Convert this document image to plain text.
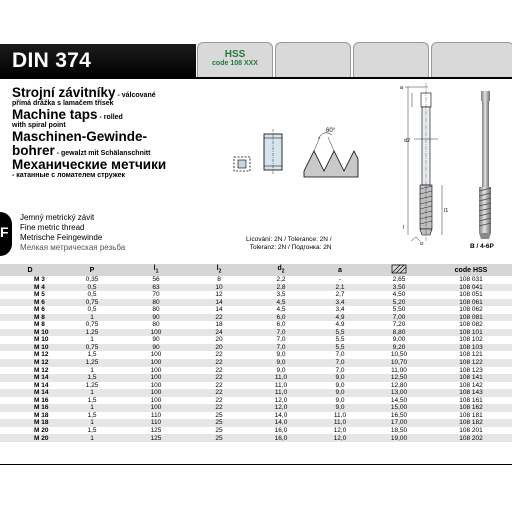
DIN 374	HSS
code 108 XXX
Strojní závitníky - válcované
přímá drážka s lamačem třísek
Machine taps - rolled
with spiral point
Maschinen-Gewinde-
bohrer - gewalzt mit Schälanschnitt
Механические метчики
- катанные с ломателем стружек
F
Jemný metrický závit
Fine metric thread
Metrische Feingewinde
Мелкая метрическая резьба
60°
a
d2
l1
l
l2
Lícování: 2N / Tolerance: 2N /
Toleranz: 2N / Подгонка: 2N	B / 4-6P
D	P	$l_1$	$l_2$	$d_2$	a		code HSS
M 3	0,35	56	8	2,2	-	2,65	108 031
M 4	0,5	63	10	2,8	2,1	3,50	108 041
M 5	0,5	70	12	3,5	2,7	4,50	108 051
M 6	0,75	80	14	4,5	3,4	5,20	108 061
M 6	0,5	80	14	4,5	3,4	5,50	108 062
M 8	1	90	22	6,0	4,9	7,00	108 081
M 8	0,75	80	18	6,0	4,9	7,20	108 082
M 10	1,25	100	24	7,0	5,5	8,80	108 101
M 10	1	90	20	7,0	5,5	9,00	108 102
M 10	0,75	90	20	7,0	5,5	9,20	108 103
M 12	1,5	100	22	9,0	7,0	10,50	108 121
M 12	1,25	100	22	9,0	7,0	10,70	108 122
M 12	1	100	22	9,0	7,0	11,00	108 123
M 14	1,5	100	22	11,0	9,0	12,50	108 141
M 14	1,25	100	22	11,0	9,0	12,80	108 142
M 14	1	100	22	11,0	9,0	13,00	108 143
M 16	1,5	100	22	12,0	9,0	14,50	108 161
M 16	1	100	22	12,0	9,0	15,00	108 162
M 18	1,5	110	25	14,0	11,0	16,50	108 181
M 18	1	110	25	14,0	11,0	17,00	108 182
M 20	1,5	125	25	16,0	12,0	18,50	108 201
M 20	1	125	25	16,0	12,0	19,00	108 202
